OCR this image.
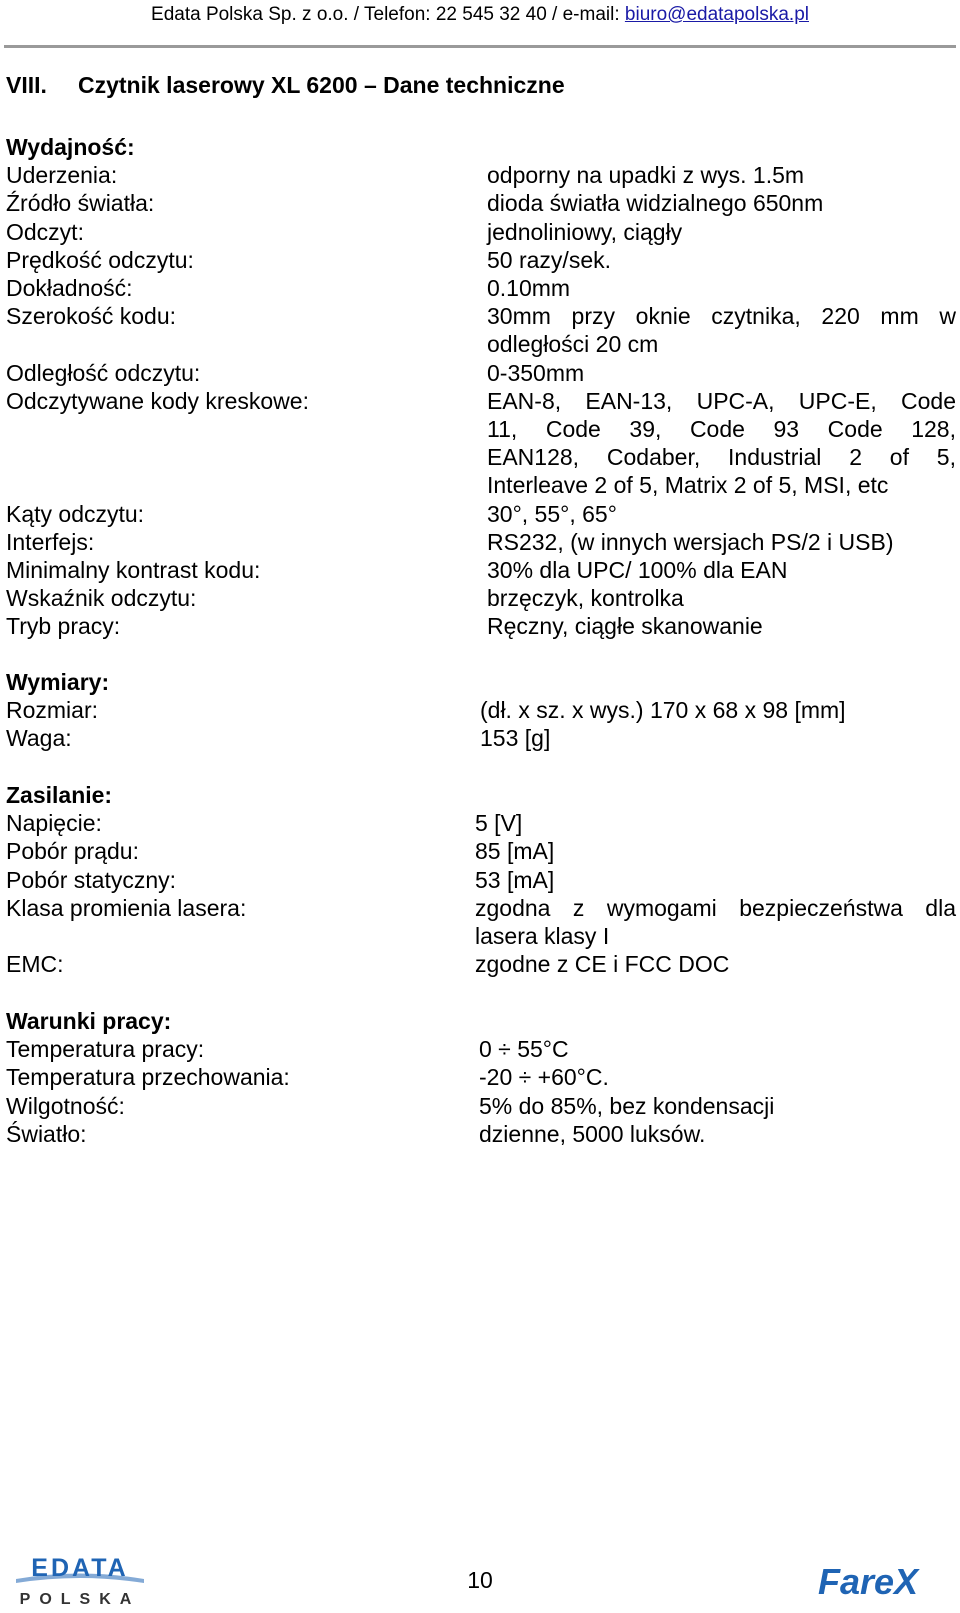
Edata Polska Sp. z o.o. / Telefon: 22 545 32 40 / e-mail: biuro@edatapolska.pl
VIII. Czytnik laserowy XL 6200 – Dane techniczne
Wydajność:
Uderzenia:	odporny na upadki z wys. 1.5m
Źródło światła:	dioda światła widzialnego 650nm
Odczyt:	jednoliniowy, ciągły
Prędkość odczytu:	50 razy/sek.
Dokładność:	0.10mm
Szerokość kodu:	30mm przy oknie czytnika, 220 mm w
odległości 20 cm
Odległość odczytu:	0-350mm
Odczytywane kody kreskowe:	EAN-8, EAN-13, UPC-A, UPC-E, Code
11, Code 39, Code 93 Code 128,
EAN128, Codaber, Industrial 2 of 5,
Interleave 2 of 5, Matrix 2 of 5, MSI, etc
Kąty odczytu:	30°, 55°, 65°
Interfejs:	RS232, (w innych wersjach PS/2 i USB)
Minimalny kontrast kodu:	30% dla UPC/ 100% dla EAN
Wskaźnik odczytu:	brzęczyk, kontrolka
Tryb pracy:	Ręczny, ciągłe skanowanie
Wymiary:
Rozmiar:	(dł. x sz. x wys.) 170 x 68 x 98 [mm]
Waga:	153 [g]
Zasilanie:
Napięcie:	5 [V]
Pobór prądu:	85 [mA]
Pobór statyczny:	53 [mA]
Klasa promienia lasera:	zgodna z wymogami bezpieczeństwa dla
lasera klasy I
EMC:	zgodne z CE i FCC DOC
Warunki pracy:
Temperatura pracy:	0 ÷ 55°C
Temperatura przechowania:	-20 ÷ +60°C.
Wilgotność:	5% do 85%, bez kondensacji
Światło:	dzienne, 5000 luksów.
10
EDATA
POLSKA	FareX
